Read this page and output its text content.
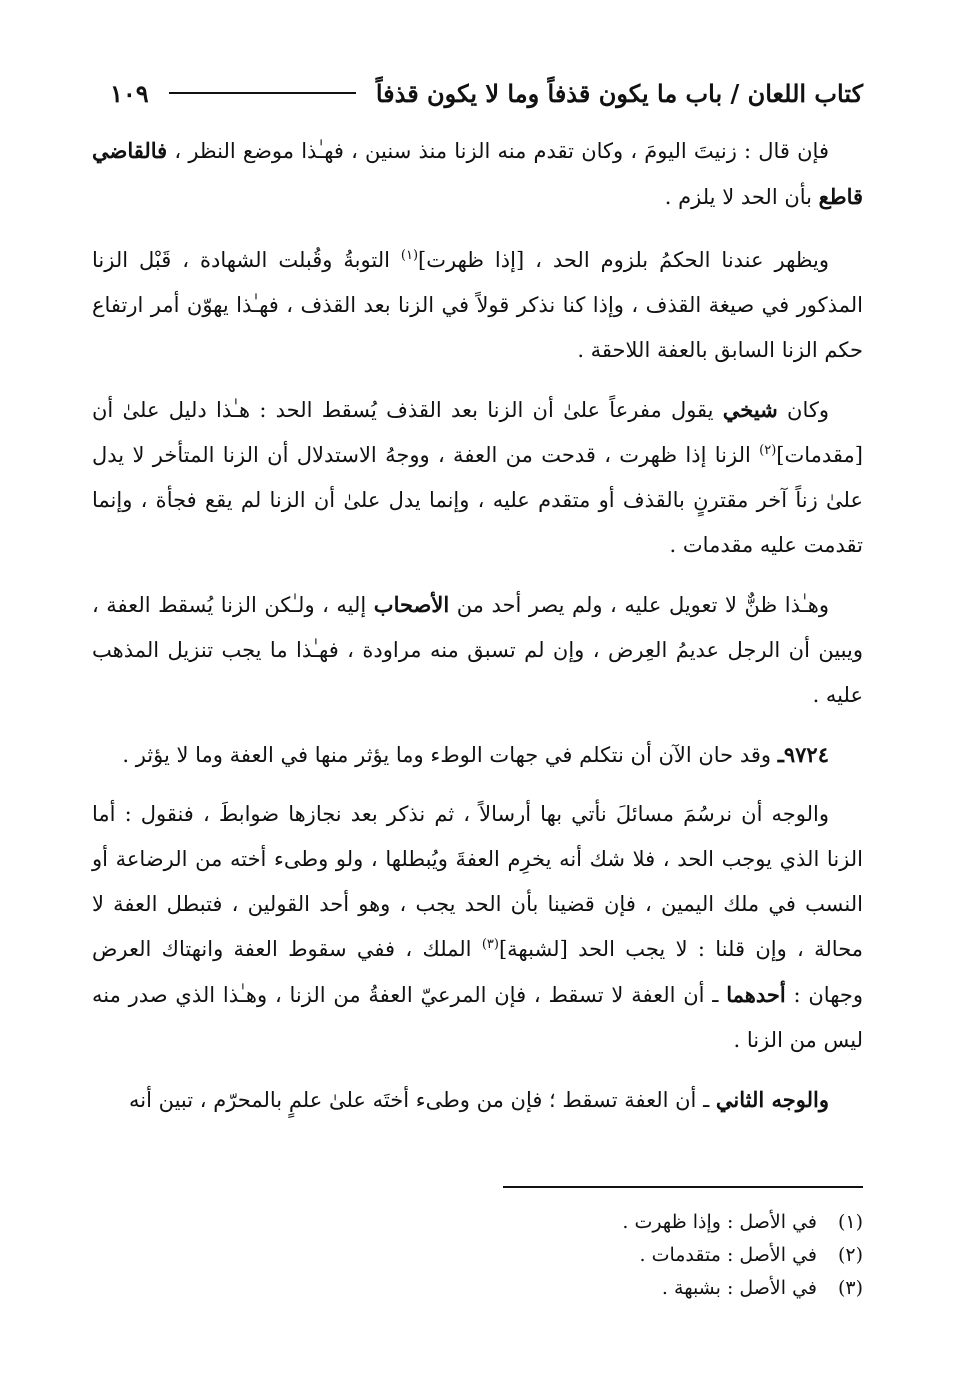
كتاب اللعان / باب ما يكون قذفاً وما لا يكون قذفاً
١٠٩

فإن قال : زنيتَ اليومَ ، وكان تقدم منه الزنا منذ سنين ، فهـٰذا موضع النظر ، فالقاضي قاطع بأن الحد لا يلزم .

ويظهر عندنا الحكمُ بلزوم الحد ، [إذا ظهرت]$^{(١)}$ التوبةُ وقُبلت الشهادة ، قَبْل الزنا المذكور في صيغة القذف ، وإذا كنا نذكر قولاً في الزنا بعد القذف ، فهـٰذا يهوّن أمر ارتفاع حكم الزنا السابق بالعفة اللاحقة .

وكان شيخي يقول مفرعاً علىٰ أن الزنا بعد القذف يُسقط الحد : هـٰذا دليل علىٰ أن [مقدمات]$^{(٢)}$ الزنا إذا ظهرت ، قدحت من العفة ، ووجهُ الاستدلال أن الزنا المتأخر لا يدل علىٰ زناً آخر مقترنٍ بالقذف أو متقدم عليه ، وإنما يدل علىٰ أن الزنا لم يقع فجأة ، وإنما تقدمت عليه مقدمات .

وهـٰذا ظنٌّ لا تعويل عليه ، ولم يصر أحد من الأصحاب إليه ، ولـٰكن الزنا يُسقط العفة ، ويبين أن الرجل عديمُ العِرض ، وإن لم تسبق منه مراودة ، فهـٰذا ما يجب تنزيل المذهب عليه .

٩٧٢٤ـ وقد حان الآن أن نتكلم في جهات الوطء وما يؤثر منها في العفة وما لا يؤثر .

والوجه أن نرسُمَ مسائلَ نأتي بها أرسالاً ، ثم نذكر بعد نجازها ضوابطَ ، فنقول : أما الزنا الذي يوجب الحد ، فلا شك أنه يخرِم العفةَ ويُبطلها ، ولو وطىء أخته من الرضاعة أو النسب في ملك اليمين ، فإن قضينا بأن الحد يجب ، وهو أحد القولين ، فتبطل العفة لا محالة ، وإن قلنا : لا يجب الحد [لشبهة]$^{(٣)}$ الملك ، ففي سقوط العفة وانهتاك العرض وجهان : أحدهما ـ أن العفة لا تسقط ، فإن المرعيّ العفةُ من الزنا ، وهـٰذا الذي صدر منه ليس من الزنا .

والوجه الثاني ـ أن العفة تسقط ؛ فإن من وطىء أختَه علىٰ علمٍ بالمحرّم ، تبين أنه

(١)
في الأصل : وإذا ظهرت .
(٢)
في الأصل : متقدمات .
(٣)
في الأصل : بشبهة .
